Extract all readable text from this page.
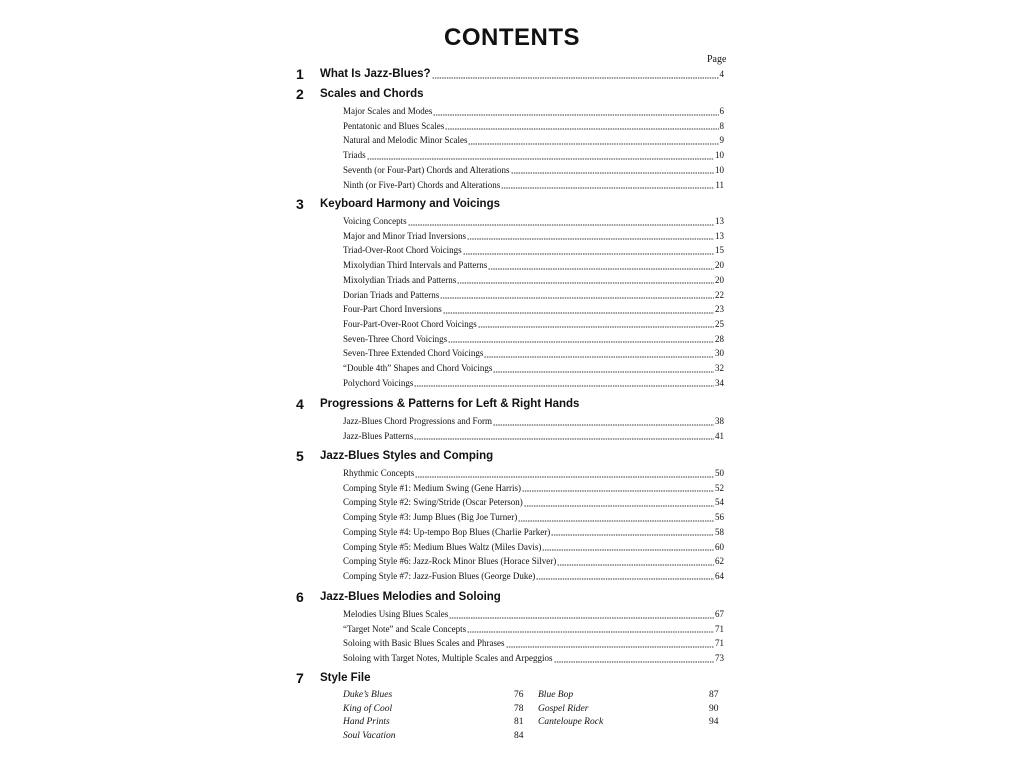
CONTENTS
Page
1 What Is Jazz-Blues?	4
2 Scales and Chords
Major Scales and Modes	6
Pentatonic and Blues Scales	8
Natural and Melodic Minor Scales	9
Triads	10
Seventh (or Four-Part) Chords and Alterations	10
Ninth (or Five-Part) Chords and Alterations	11
3 Keyboard Harmony and Voicings
Voicing Concepts	13
Major and Minor Triad Inversions	13
Triad-Over-Root Chord Voicings	15
Mixolydian Third Intervals and Patterns	20
Mixolydian Triads and Patterns	20
Dorian Triads and Patterns	22
Four-Part Chord Inversions	23
Four-Part-Over-Root Chord Voicings	25
Seven-Three Chord Voicings	28
Seven-Three Extended Chord Voicings	30
“Double 4th” Shapes and Chord Voicings	32
Polychord Voicings	34
4 Progressions & Patterns for Left & Right Hands
Jazz-Blues Chord Progressions and Form	38
Jazz-Blues Patterns	41
5 Jazz-Blues Styles and Comping
Rhythmic Concepts	50
Comping Style #1: Medium Swing (Gene Harris)	52
Comping Style #2: Swing/Stride (Oscar Peterson)	54
Comping Style #3: Jump Blues (Big Joe Turner)	56
Comping Style #4: Up-tempo Bop Blues (Charlie Parker)	58
Comping Style #5: Medium Blues Waltz (Miles Davis)	60
Comping Style #6: Jazz-Rock Minor Blues (Horace Silver)	62
Comping Style #7: Jazz-Fusion Blues (George Duke)	64
6 Jazz-Blues Melodies and Soloing
Melodies Using Blues Scales	67
“Target Note” and Scale Concepts	71
Soloing with Basic Blues Scales and Phrases	71
Soloing with Target Notes, Multiple Scales and Arpeggios	73
7 Style File
Duke’s Blues	76
King of Cool	78
Hand Prints	81
Soul Vacation	84
Blue Bop	87
Gospel Rider	90
Canteloupe Rock	94
